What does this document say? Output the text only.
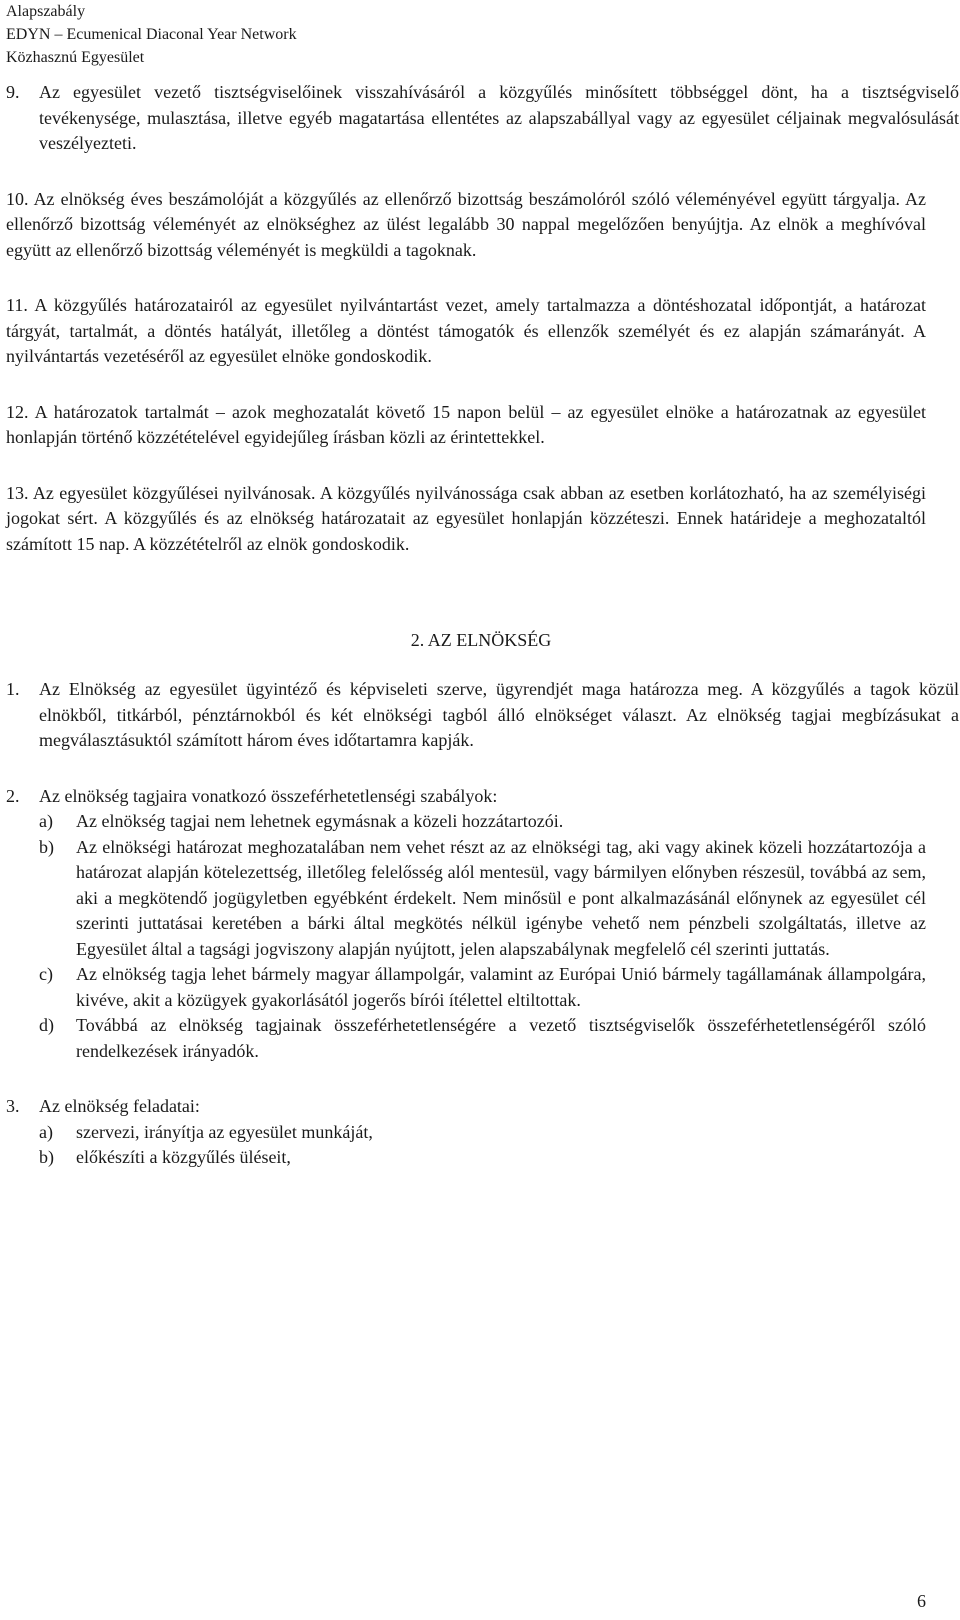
Alapszabály
EDYN – Ecumenical Diaconal Year Network
Közhasznú Egyesület

9. Az egyesület vezető tisztségviselőinek visszahívásáról a közgyűlés minősített többséggel dönt, ha a tisztségviselő tevékenysége, mulasztása, illetve egyéb magatartása ellentétes az alapszabállyal vagy az egyesület céljainak megvalósulását veszélyezteti.

10. Az elnökség éves beszámolóját a közgyűlés az ellenőrző bizottság beszámolóról szóló véleményével együtt tárgyalja. Az ellenőrző bizottság véleményét az elnökséghez az ülést legalább 30 nappal megelőzően benyújtja. Az elnök a meghívóval együtt az ellenőrző bizottság véleményét is megküldi a tagoknak.

11. A közgyűlés határozatairól az egyesület nyilvántartást vezet, amely tartalmazza a döntéshozatal időpontját, a határozat tárgyát, tartalmát, a döntés hatályát, illetőleg a döntést támogatók és ellenzők személyét és ez alapján számarányát. A nyilvántartás vezetéséről az egyesület elnöke gondoskodik.

12. A határozatok tartalmát – azok meghozatalát követő 15 napon belül – az egyesület elnöke a határozatnak az egyesület honlapján történő közzétételével egyidejűleg írásban közli az érintettekkel.

13. Az egyesület közgyűlései nyilvánosak. A közgyűlés nyilvánossága csak abban az esetben korlátozható, ha az személyiségi jogokat sért. A közgyűlés és az elnökség határozatait az egyesület honlapján közzéteszi. Ennek határideje a meghozataltól számított 15 nap. A közzétételről az elnök gondoskodik.

2. AZ ELNÖKSÉG

1. Az Elnökség az egyesület ügyintéző és képviseleti szerve, ügyrendjét maga határozza meg. A közgyűlés a tagok közül elnökből, titkárból, pénztárnokból és két elnökségi tagból álló elnökséget választ. Az elnökség tagjai megbízásukat a megválasztásuktól számított három éves időtartamra kapják.

2. Az elnökség tagjaira vonatkozó összeférhetetlenségi szabályok:

a) Az elnökség tagjai nem lehetnek egymásnak a közeli hozzátartozói.
b) Az elnökségi határozat meghozatalában nem vehet részt az az elnökségi tag, aki vagy akinek közeli hozzátartozója a határozat alapján kötelezettség, illetőleg felelősség alól mentesül, vagy bármilyen előnyben részesül, továbbá az sem, aki a megkötendő jogügyletben egyébként érdekelt. Nem minősül e pont alkalmazásánál előnynek az egyesület cél szerinti juttatásai keretében a bárki által megkötés nélkül igénybe vehető nem pénzbeli szolgáltatás, illetve az Egyesület által a tagsági jogviszony alapján nyújtott, jelen alapszabálynak megfelelő cél szerinti juttatás.
c) Az elnökség tagja lehet bármely magyar állampolgár, valamint az Európai Unió bármely tagállamának állampolgára, kivéve, akit a közügyek gyakorlásától jogerős bírói ítélettel eltiltottak.
d) Továbbá az elnökség tagjainak összeférhetetlenségére a vezető tisztségviselők összeférhetetlenségéről szóló rendelkezések irányadók.

3. Az elnökség feladatai:

a) szervezi, irányítja az egyesület munkáját,
b) előkészíti a közgyűlés üléseit,
6
